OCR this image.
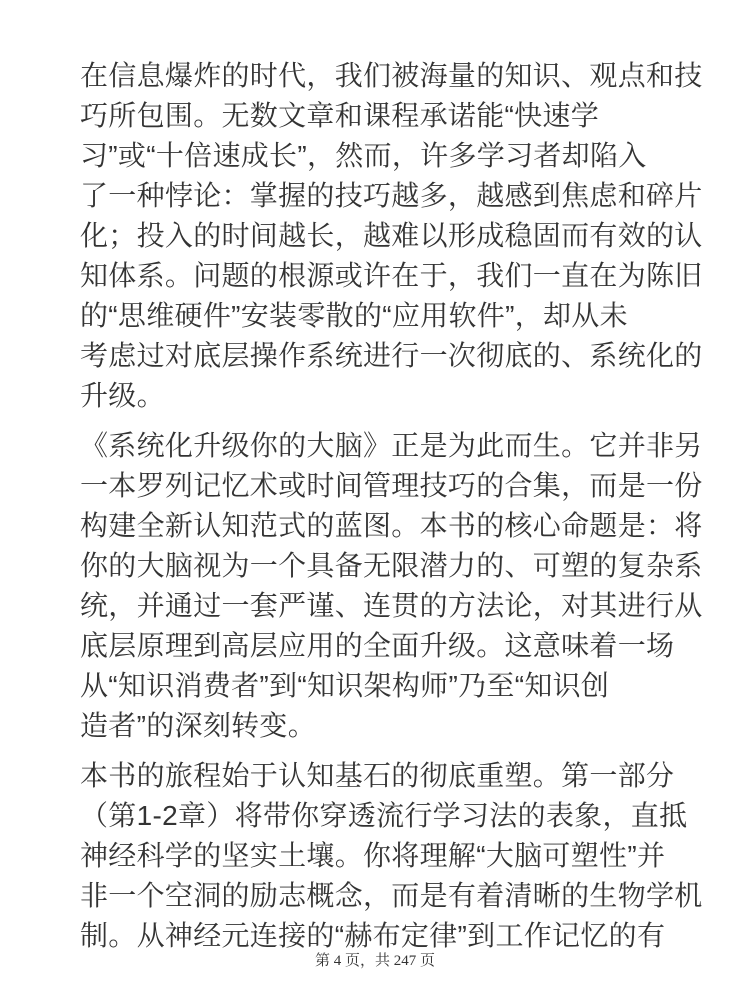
在信息爆炸的时代，我们被海量的知识、观点和技
巧所包围。无数文章和课程承诺能“快速学
习”或“十倍速成长”，然而，许多学习者却陷入
了一种悖论：掌握的技巧越多，越感到焦虑和碎片
化；投入的时间越长，越难以形成稳固而有效的认
知体系。问题的根源或许在于，我们一直在为陈旧
的“思维硬件”安装零散的“应用软件”，却从未
考虑过对底层操作系统进行一次彻底的、系统化的
升级。
《系统化升级你的大脑》正是为此而生。它并非另
一本罗列记忆术或时间管理技巧的合集，而是一份
构建全新认知范式的蓝图。本书的核心命题是：将
你的大脑视为一个具备无限潜力的、可塑的复杂系
统，并通过一套严谨、连贯的方法论，对其进行从
底层原理到高层应用的全面升级。这意味着一场
从“知识消费者”到“知识架构师”乃至“知识创
造者”的深刻转变。
本书的旅程始于认知基石的彻底重塑。第一部分
（第1-2章）将带你穿透流行学习法的表象，直抵
神经科学的坚实土壤。你将理解“大脑可塑性”并
非一个空洞的励志概念，而是有着清晰的生物学机
制。从神经元连接的“赫布定律”到工作记忆的有
第 4 页，共 247 页
